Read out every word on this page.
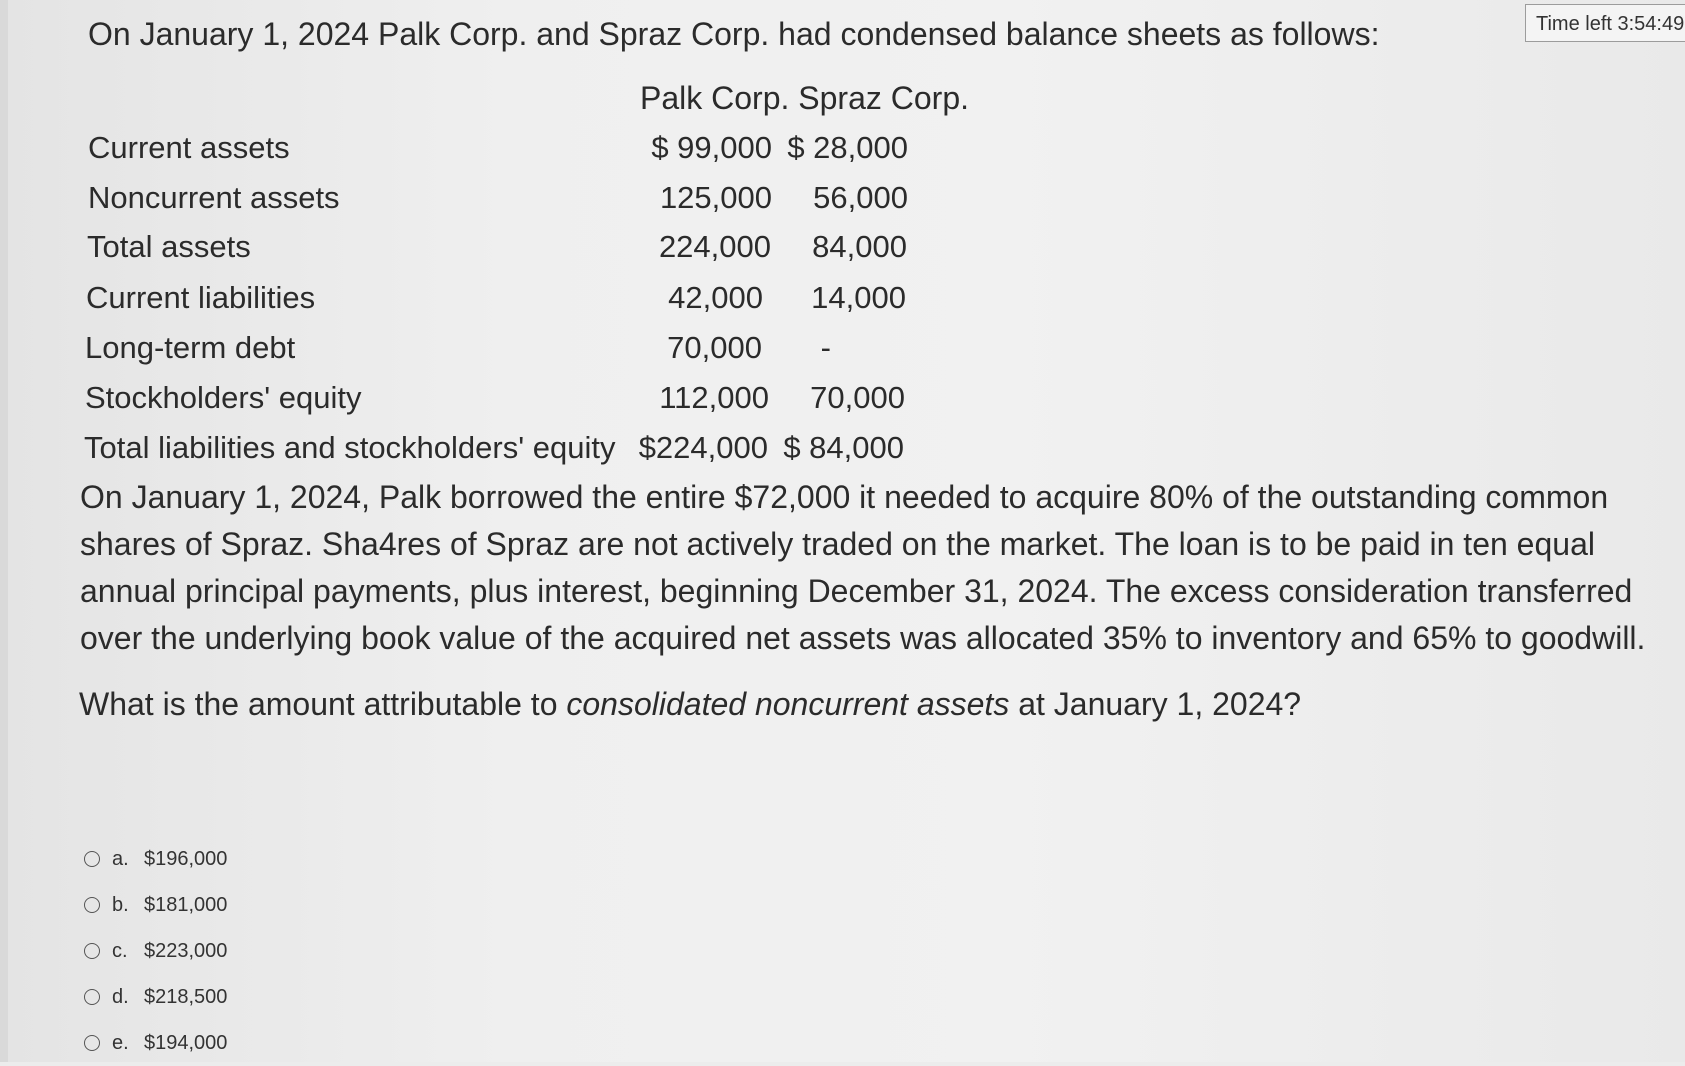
Time left 3:54:49
On January 1, 2024 Palk Corp. and Spraz Corp. had condensed balance sheets as follows:
Palk Corp. Spraz Corp.
Current assets	$ 99,000 $ 28,000
Noncurrent assets	125,000 56,000
Total assets	224,000 84,000
Current liabilities	42,000 14,000
Long-term debt	70,000 -
Stockholders' equity	112,000 70,000
Total liabilities and stockholders' equity $224,000 $ 84,000
On January 1, 2024, Palk borrowed the entire $72,000 it needed to acquire 80% of the outstanding common shares of Spraz. Sha4res of Spraz are not actively traded on the market. The loan is to be paid in ten equal annual principal payments, plus interest, beginning December 31, 2024. The excess consideration transferred over the underlying book value of the acquired net assets was allocated 35% to inventory and 65% to goodwill.
What is the amount attributable to consolidated noncurrent assets at January 1, 2024?
a. $196,000
b. $181,000
c. $223,000
d. $218,500
e. $194,000
